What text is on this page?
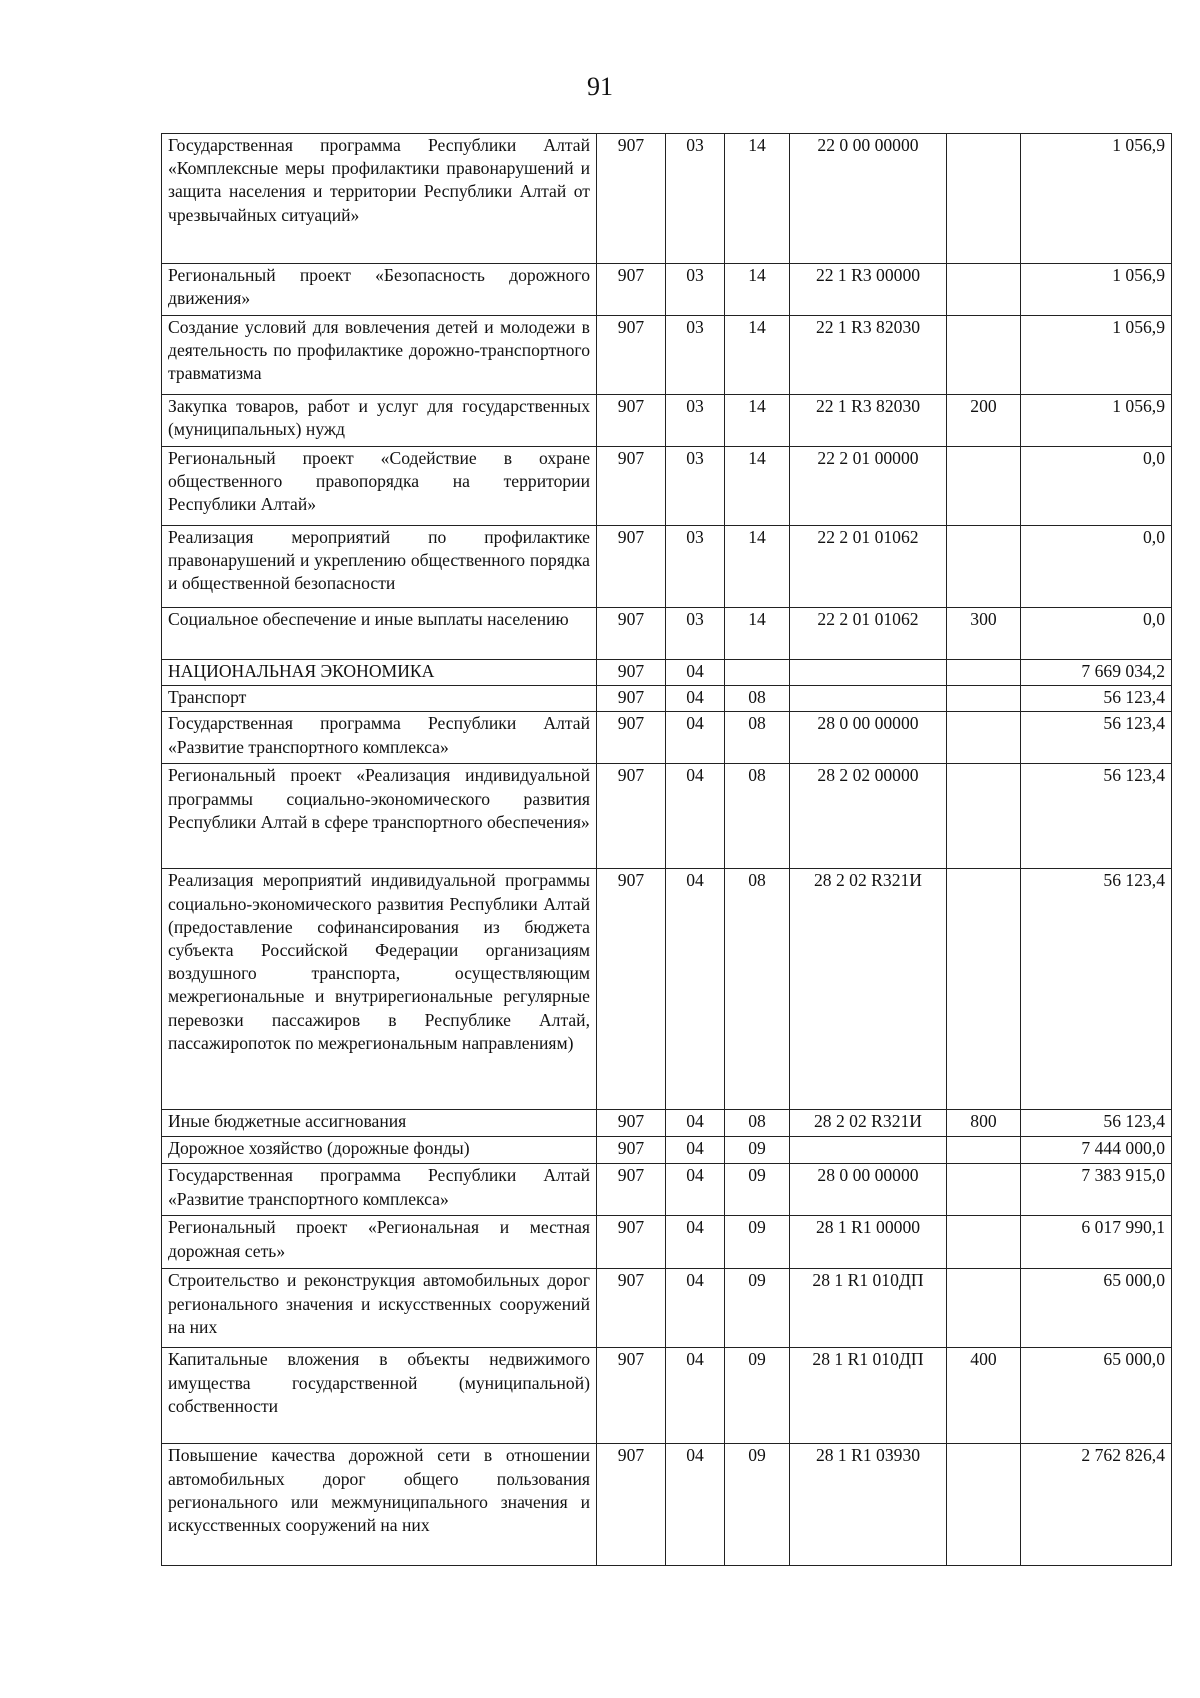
91
Государственная программа Республики Алтай «Комплексные меры профилактики правонарушений и защита населения и территории Республики Алтай от чрезвычайных ситуаций»	907	03	14	22 0 00 00000		1 056,9
Региональный проект «Безопасность дорожного движения»	907	03	14	22 1 R3 00000		1 056,9
Создание условий для вовлечения детей и молодежи в деятельность по профилактике дорожно-транспортного травматизма	907	03	14	22 1 R3 82030		1 056,9
Закупка товаров, работ и услуг для государственных (муниципальных) нужд	907	03	14	22 1 R3 82030	200	1 056,9
Региональный проект «Содействие в охране общественного правопорядка на территории Республики Алтай»	907	03	14	22 2 01 00000		0,0
Реализация мероприятий по профилактике правонарушений и укреплению общественного порядка и общественной безопасности	907	03	14	22 2 01 01062		0,0
Социальное обеспечение и иные выплаты населению	907	03	14	22 2 01 01062	300	0,0
НАЦИОНАЛЬНАЯ ЭКОНОМИКА	907	04				7 669 034,2
Транспорт	907	04	08			56 123,4
Государственная программа Республики Алтай «Развитие транспортного комплекса»	907	04	08	28 0 00 00000		56 123,4
Региональный проект «Реализация индивидуальной программы социально-экономического развития Республики Алтай в сфере транспортного обеспечения»	907	04	08	28 2 02 00000		56 123,4
Реализация мероприятий индивидуальной программы социально-экономического развития Республики Алтай (предоставление софинансирования из бюджета субъекта Российской Федерации организациям воздушного транспорта, осуществляющим межрегиональные и внутрирегиональные регулярные перевозки пассажиров в Республике Алтай, пассажиропоток по межрегиональным направлениям)	907	04	08	28 2 02 R321И		56 123,4
Иные бюджетные ассигнования	907	04	08	28 2 02 R321И	800	56 123,4
Дорожное хозяйство (дорожные фонды)	907	04	09			7 444 000,0
Государственная программа Республики Алтай «Развитие транспортного комплекса»	907	04	09	28 0 00 00000		7 383 915,0
Региональный проект «Региональная и местная дорожная сеть»	907	04	09	28 1 R1 00000		6 017 990,1
Строительство и реконструкция автомобильных дорог регионального значения и искусственных сооружений на них	907	04	09	28 1 R1 010ДП		65 000,0
Капитальные вложения в объекты недвижимого имущества государственной (муниципальной) собственности	907	04	09	28 1 R1 010ДП	400	65 000,0
Повышение качества дорожной сети в отношении автомобильных дорог общего пользования регионального или межмуниципального значения и искусственных сооружений на них	907	04	09	28 1 R1 03930		2 762 826,4
